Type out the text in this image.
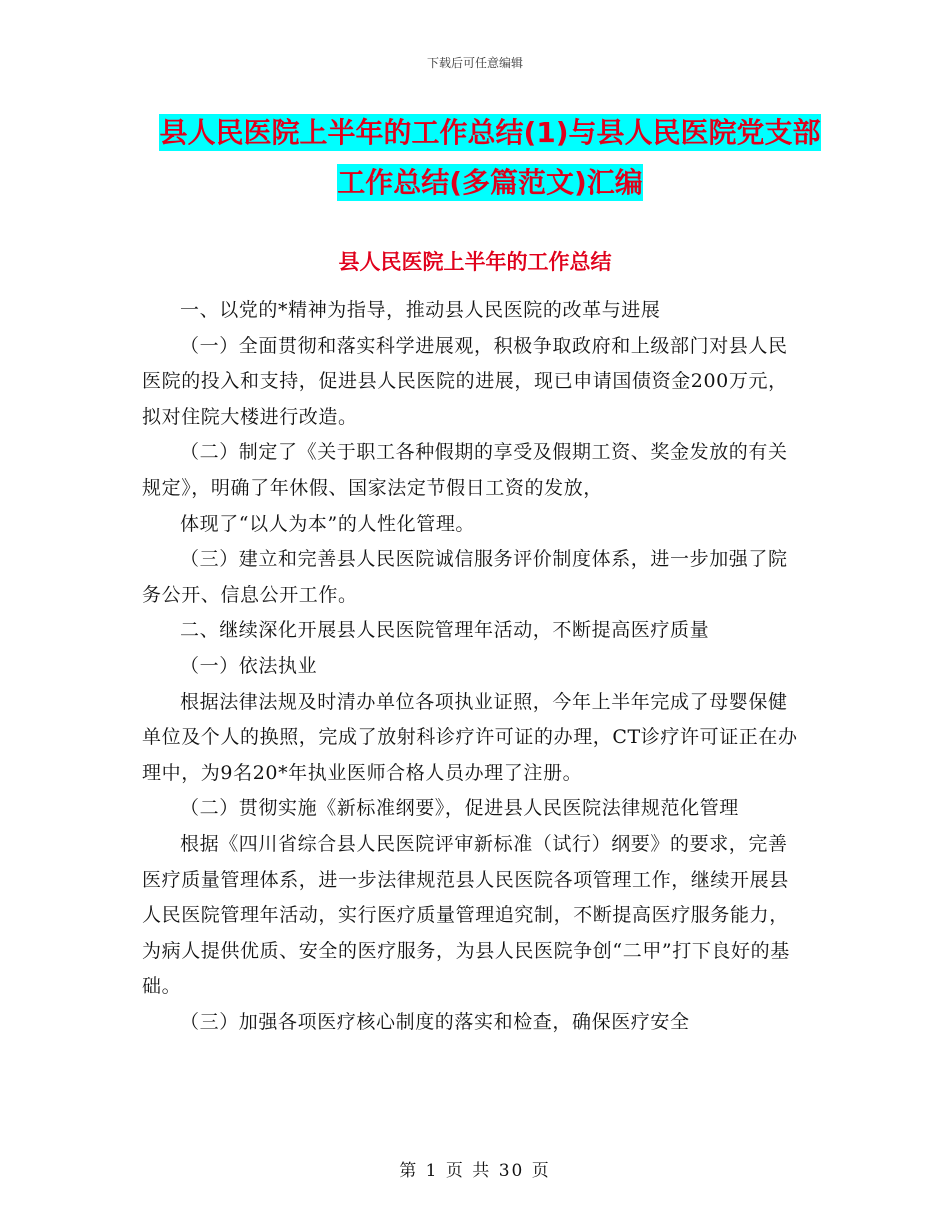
下载后可任意编辑
县人民医院上半年的工作总结(1)与县人民医院党支部
工作总结(多篇范文)汇编
县人民医院上半年的工作总结

一、以党的*精神为指导，推动县人民医院的改革与进展

（一）全面贯彻和落实科学进展观，积极争取政府和上级部门对县人民医院的投入和支持，促进县人民医院的进展，现已申请国债资金200万元，拟对住院大楼进行改造。

（二）制定了《关于职工各种假期的享受及假期工资、奖金发放的有关规定》，明确了年休假、国家法定节假日工资的发放，

体现了“以人为本”的人性化管理。

（三）建立和完善县人民医院诚信服务评价制度体系，进一步加强了院务公开、信息公开工作。

二、继续深化开展县人民医院管理年活动，不断提高医疗质量

（一）依法执业

根据法律法规及时清办单位各项执业证照，今年上半年完成了母婴保健单位及个人的换照，完成了放射科诊疗许可证的办理，CT诊疗许可证正在办理中，为9名20*年执业医师合格人员办理了注册。

（二）贯彻实施《新标准纲要》，促进县人民医院法律规范化管理

根据《四川省综合县人民医院评审新标准（试行）纲要》的要求，完善医疗质量管理体系，进一步法律规范县人民医院各项管理工作，继续开展县人民医院管理年活动，实行医疗质量管理追究制，不断提高医疗服务能力，为病人提供优质、安全的医疗服务，为县人民医院争创“二甲”打下良好的基础。

（三）加强各项医疗核心制度的落实和检查，确保医疗安全

第 1 页 共 30 页
